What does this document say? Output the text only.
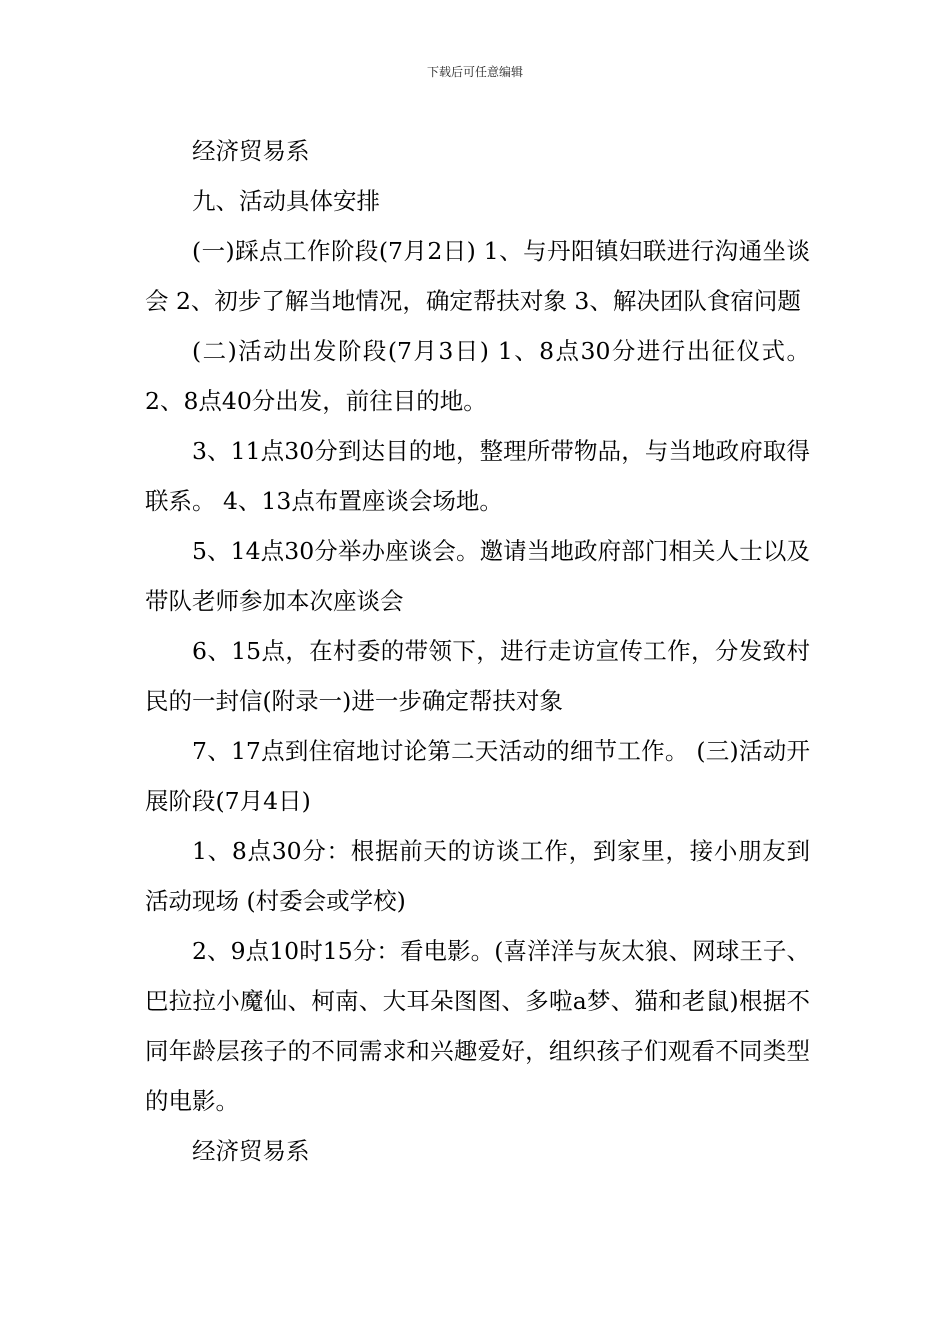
下载后可任意编辑

经济贸易系

九、活动具体安排

(一)踩点工作阶段(7月2日) 1、与丹阳镇妇联进行沟通坐谈会 2、初步了解当地情况，确定帮扶对象 3、解决团队食宿问题

(二)活动出发阶段(7月3日) 1、8点30分进行出征仪式。 2、8点40分出发，前往目的地。

3、11点30分到达目的地，整理所带物品，与当地政府取得联系。 4、13点布置座谈会场地。

5、14点30分举办座谈会。邀请当地政府部门相关人士以及带队老师参加本次座谈会

6、15点，在村委的带领下，进行走访宣传工作，分发致村民的一封信(附录一)进一步确定帮扶对象

7、17点到住宿地讨论第二天活动的细节工作。 (三)活动开展阶段(7月4日)

1、8点30分：根据前天的访谈工作，到家里，接小朋友到活动现场 (村委会或学校)

2、9点10时15分：看电影。(喜洋洋与灰太狼、网球王子、巴拉拉小魔仙、柯南、大耳朵图图、多啦a梦、猫和老鼠)根据不同年龄层孩子的不同需求和兴趣爱好，组织孩子们观看不同类型的电影。

经济贸易系
